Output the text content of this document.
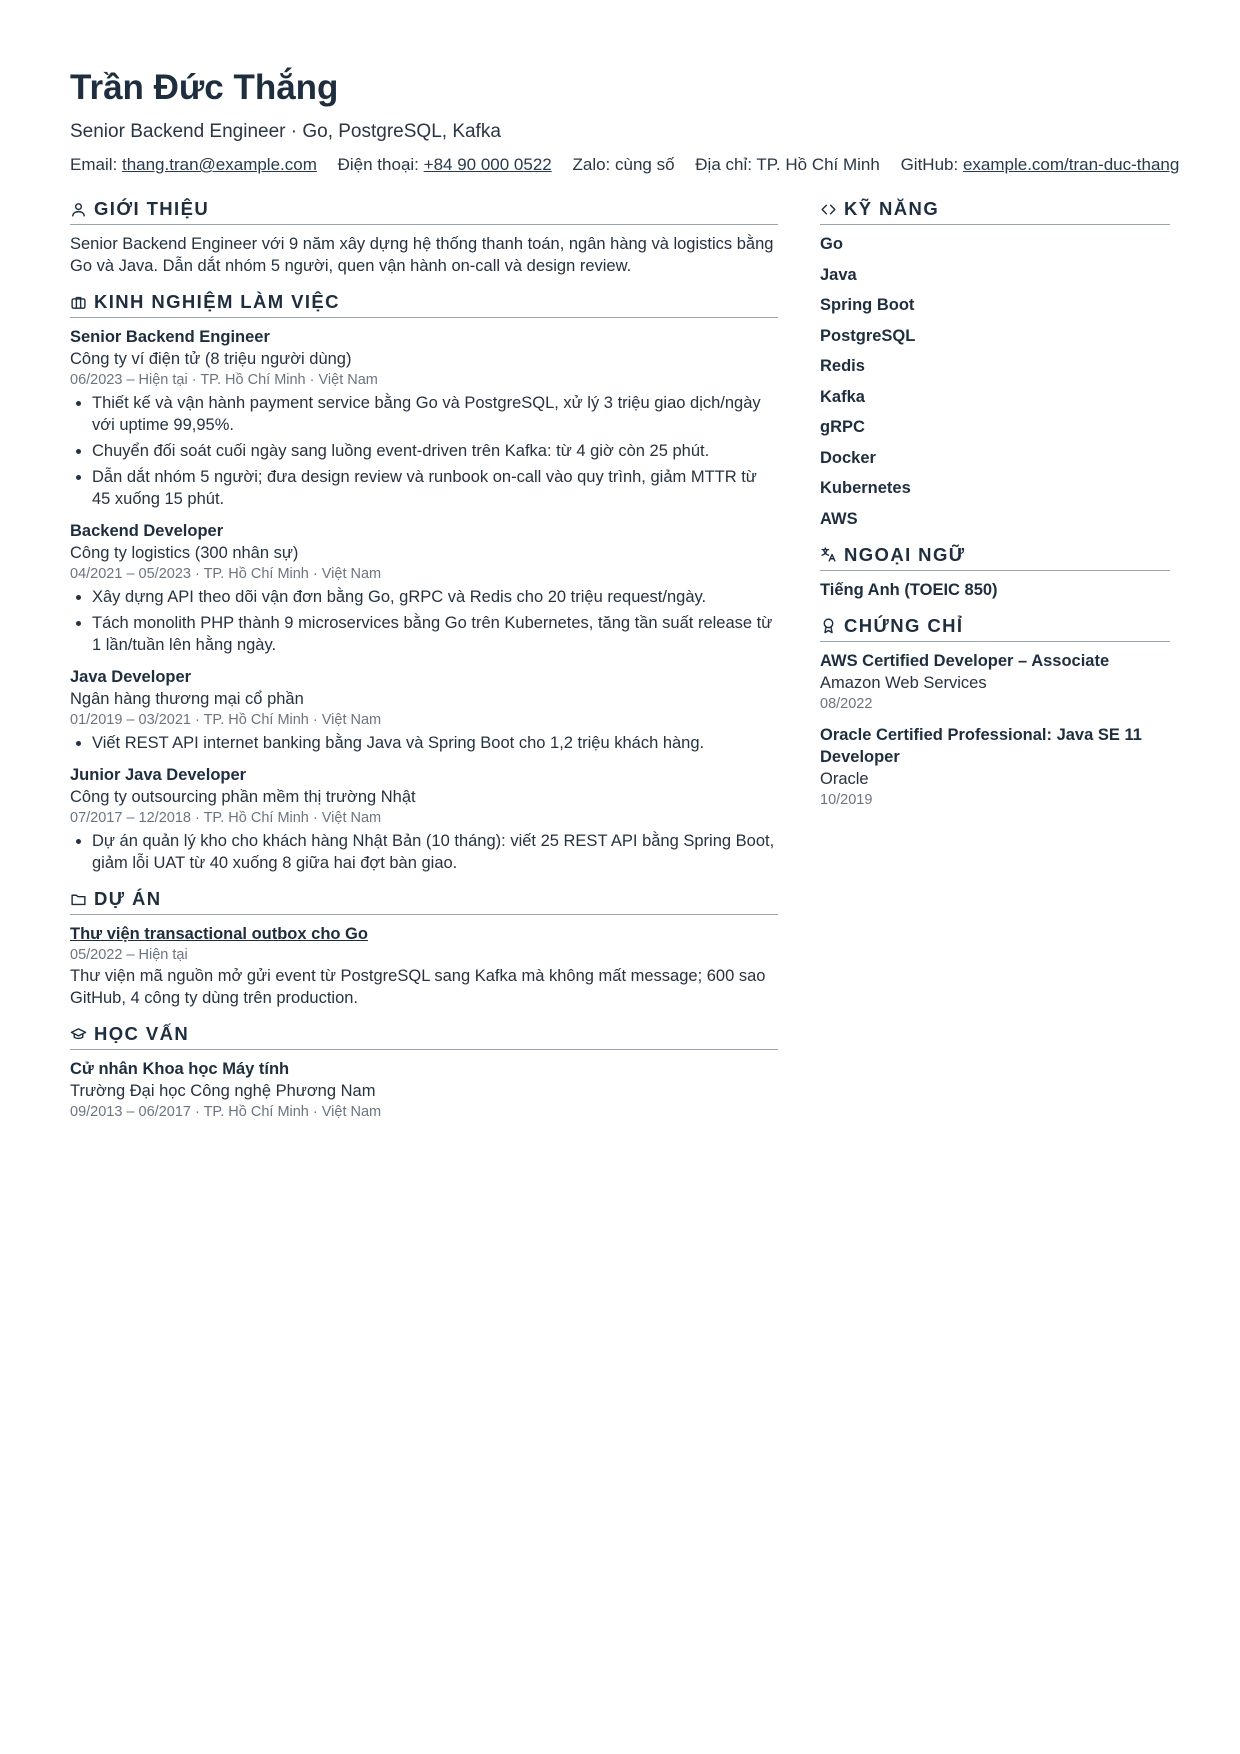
Trần Đức Thắng
Senior Backend Engineer · Go, PostgreSQL, Kafka
Email: thang.tran@example.com Điện thoại: +84 90 000 0522 Zalo: cùng số Địa chỉ: TP. Hồ Chí Minh GitHub: example.com/tran-duc-thang
GIỚI THIỆU
Senior Backend Engineer với 9 năm xây dựng hệ thống thanh toán, ngân hàng và logistics bằng Go và Java. Dẫn dắt nhóm 5 người, quen vận hành on-call và design review.
KINH NGHIỆM LÀM VIỆC
Senior Backend Engineer
Công ty ví điện tử (8 triệu người dùng)
06/2023 – Hiện tại · TP. Hồ Chí Minh · Việt Nam
• Thiết kế và vận hành payment service bằng Go và PostgreSQL, xử lý 3 triệu giao dịch/ngày với uptime 99,95%.
• Chuyển đối soát cuối ngày sang luồng event-driven trên Kafka: từ 4 giờ còn 25 phút.
• Dẫn dắt nhóm 5 người; đưa design review và runbook on-call vào quy trình, giảm MTTR từ 45 xuống 15 phút.
Backend Developer
Công ty logistics (300 nhân sự)
04/2021 – 05/2023 · TP. Hồ Chí Minh · Việt Nam
• Xây dựng API theo dõi vận đơn bằng Go, gRPC và Redis cho 20 triệu request/ngày.
• Tách monolith PHP thành 9 microservices bằng Go trên Kubernetes, tăng tần suất release từ 1 lần/tuần lên hằng ngày.
Java Developer
Ngân hàng thương mại cổ phần
01/2019 – 03/2021 · TP. Hồ Chí Minh · Việt Nam
• Viết REST API internet banking bằng Java và Spring Boot cho 1,2 triệu khách hàng.
Junior Java Developer
Công ty outsourcing phần mềm thị trường Nhật
07/2017 – 12/2018 · TP. Hồ Chí Minh · Việt Nam
• Dự án quản lý kho cho khách hàng Nhật Bản (10 tháng): viết 25 REST API bằng Spring Boot, giảm lỗi UAT từ 40 xuống 8 giữa hai đợt bàn giao.
DỰ ÁN
Thư viện transactional outbox cho Go
05/2022 – Hiện tại
Thư viện mã nguồn mở gửi event từ PostgreSQL sang Kafka mà không mất message; 600 sao GitHub, 4 công ty dùng trên production.
HỌC VẤN
Cử nhân Khoa học Máy tính
Trường Đại học Công nghệ Phương Nam
09/2013 – 06/2017 · TP. Hồ Chí Minh · Việt Nam
KỸ NĂNG
Go
Java
Spring Boot
PostgreSQL
Redis
Kafka
gRPC
Docker
Kubernetes
AWS
NGOẠI NGỮ
Tiếng Anh (TOEIC 850)
CHỨNG CHỈ
AWS Certified Developer – Associate
Amazon Web Services
08/2022
Oracle Certified Professional: Java SE 11 Developer
Oracle
10/2019
